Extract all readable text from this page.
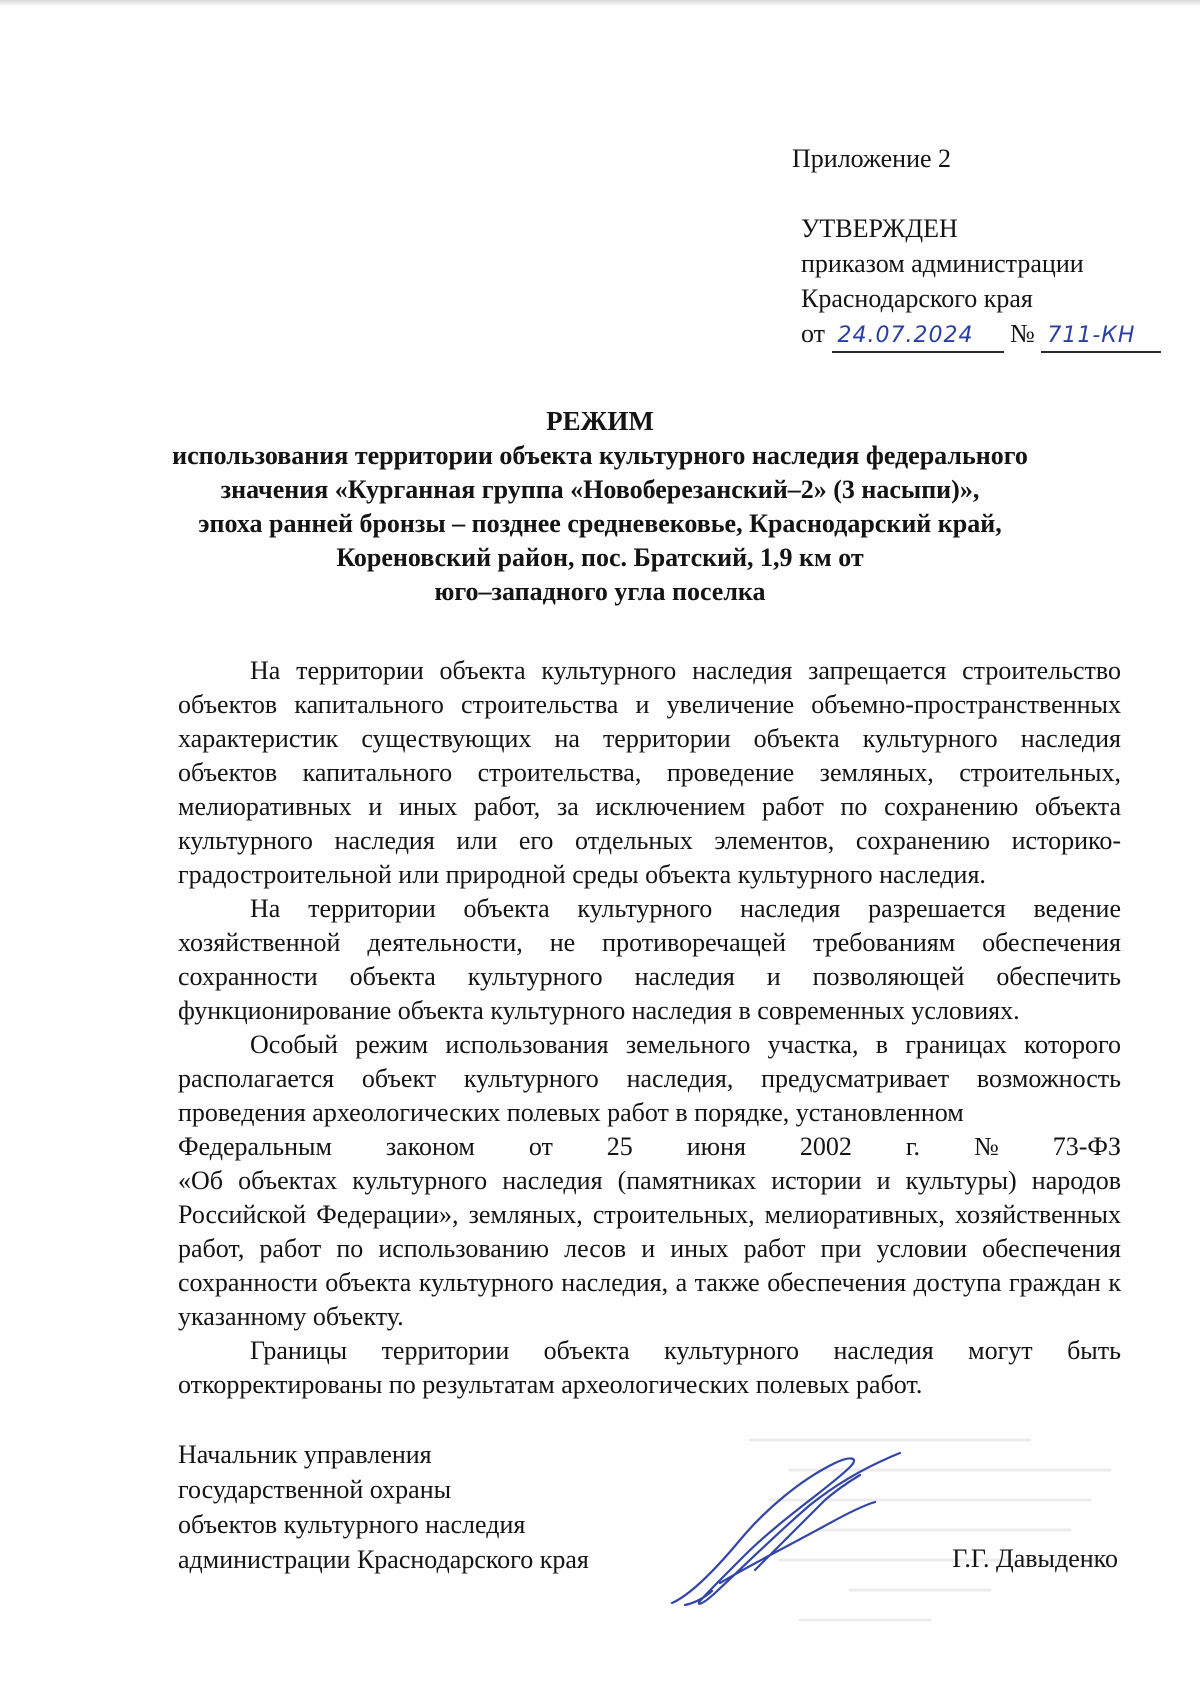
Приложение 2
УТВЕРЖДЕН
приказом администрации
Краснодарского края
от 24.07.2024 № 711-КН
РЕЖИМ
использования территории объекта культурного наследия федерального
значения «Курганная группа «Новоберезанский–2» (3 насыпи)»,
эпоха ранней бронзы – позднее средневековье, Краснодарский край,
Кореновский район, пос. Братский, 1,9 км от
юго–западного угла поселка

На территории объекта культурного наследия запрещается строительство объектов капитального строительства и увеличение объемно-пространственных характеристик существующих на территории объекта культурного наследия объектов капитального строительства, проведение земляных, строительных, мелиоративных и иных работ, за исключением работ по сохранению объекта культурного наследия или его отдельных элементов, сохранению историко-градостроительной или природной среды объекта культурного наследия.

На территории объекта культурного наследия разрешается ведение хозяйственной деятельности, не противоречащей требованиям обеспечения сохранности объекта культурного наследия и позволяющей обеспечить функционирование объекта культурного наследия в современных условиях.

Особый режим использования земельного участка, в границах которого располагается объект культурного наследия, предусматривает возможность проведения археологических полевых работ в порядке, установленном

Федеральным законом от 25 июня 2002 г. № 73-ФЗ

«Об объектах культурного наследия (памятниках истории и культуры) народов Российской Федерации», земляных, строительных, мелиоративных, хозяйственных работ, работ по использованию лесов и иных работ при условии обеспечения сохранности объекта культурного наследия, а также обеспечения доступа граждан к указанному объекту.

Границы территории объекта культурного наследия могут быть откорректированы по результатам археологических полевых работ.

Начальник управления
государственной охраны
объектов культурного наследия
администрации Краснодарского края	Г.Г. Давыденко
